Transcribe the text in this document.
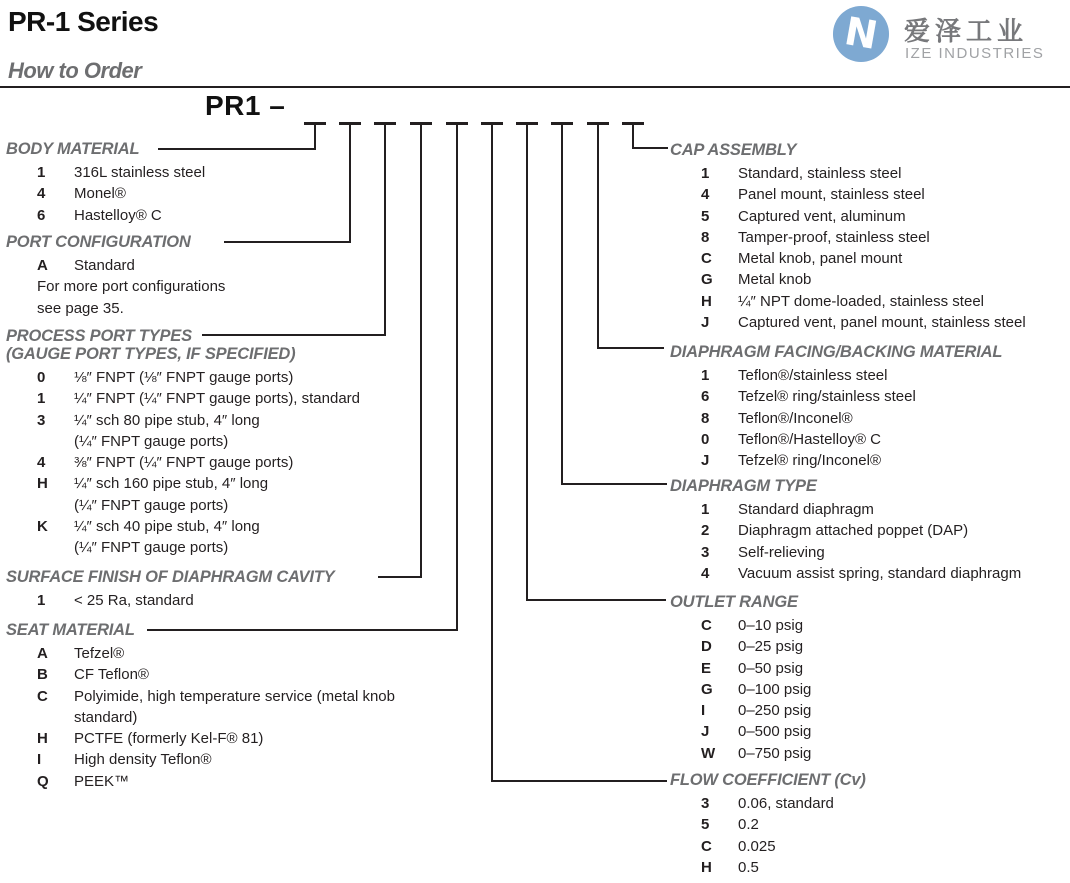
PR-1 Series
How to Order
PR1 –
N 爱泽工业
IZE INDUSTRIES
BODY MATERIAL
1	316L stainless steel
4	Monel®
6	Hastelloy® C
PORT CONFIGURATION
A	Standard
For more port configurations
see page 35.
PROCESS PORT TYPES
(GAUGE PORT TYPES, IF SPECIFIED)
0	⅛″ FNPT (⅛″ FNPT gauge ports)
1	¼″ FNPT (¼″ FNPT gauge ports), standard
3	¼″ sch 80 pipe stub, 4″ long
(¼″ FNPT gauge ports)
4	⅜″ FNPT (¼″ FNPT gauge ports)
H	¼″ sch 160 pipe stub, 4″ long
(¼″ FNPT gauge ports)
K	¼″ sch 40 pipe stub, 4″ long
(¼″ FNPT gauge ports)
SURFACE FINISH OF DIAPHRAGM CAVITY
1	< 25 Ra, standard
SEAT MATERIAL
A	Tefzel®
B	CF Teflon®
C	Polyimide, high temperature service (metal knob
standard)
H	PCTFE (formerly Kel-F® 81)
I	High density Teflon®
Q	PEEK™
CAP ASSEMBLY
1	Standard, stainless steel
4	Panel mount, stainless steel
5	Captured vent, aluminum
8	Tamper-proof, stainless steel
C	Metal knob, panel mount
G	Metal knob
H	¼″ NPT dome-loaded, stainless steel
J	Captured vent, panel mount, stainless steel
DIAPHRAGM FACING/BACKING MATERIAL
1	Teflon®/stainless steel
6	Tefzel® ring/stainless steel
8	Teflon®/Inconel®
0	Teflon®/Hastelloy® C
J	Tefzel® ring/Inconel®
DIAPHRAGM TYPE
1	Standard diaphragm
2	Diaphragm attached poppet (DAP)
3	Self-relieving
4	Vacuum assist spring, standard diaphragm
OUTLET RANGE
C	0–10 psig
D	0–25 psig
E	0–50 psig
G	0–100 psig
I	0–250 psig
J	0–500 psig
W	0–750 psig
FLOW COEFFICIENT (Cv)
3	0.06, standard
5	0.2
C	0.025
H	0.5
